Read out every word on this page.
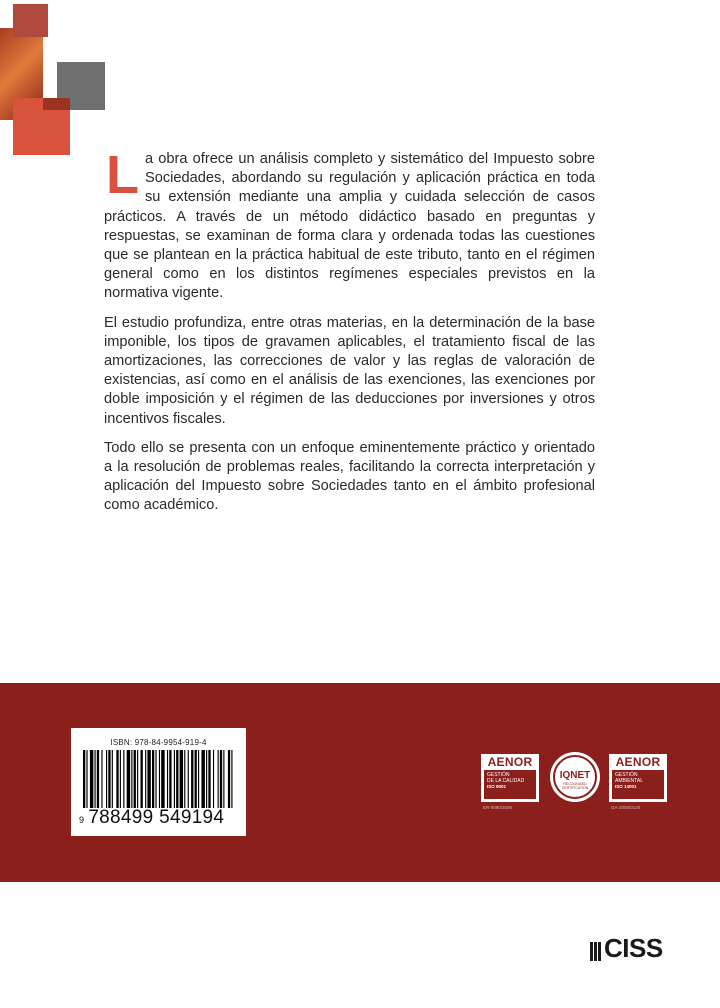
La obra ofrece un análisis completo y sistemático del Impuesto sobre Sociedades, abordando su regulación y aplicación práctica en toda su extensión mediante una amplia y cuidada selección de casos prácticos. A través de un método didáctico basado en preguntas y respuestas, se examinan de forma clara y ordenada todas las cuestiones que se plantean en la práctica habitual de este tributo, tanto en el régimen general como en los distintos regímenes especiales previstos en la normativa vigente.

El estudio profundiza, entre otras materias, en la determinación de la base imponible, los tipos de gravamen aplicables, el tratamiento fiscal de las amortizaciones, las correcciones de valor y las reglas de valoración de existencias, así como en el análisis de las exenciones, las exenciones por doble imposición y el régimen de las deducciones por inversiones y otros incentivos fiscales.

Todo ello se presenta con un enfoque eminentemente práctico y orientado a la resolución de problemas reales, facilitando la correcta interpretación y aplicación del Impuesto sobre Sociedades tanto en el ámbito profesional como académico.

ISBN: 978-84-9954-919-4
9 788499 549194
AENOR
GESTIÓN
DE LA CALIDAD
ISO 9001
ER-0090/2006
IQNET
RECOGNIZED CERTIFICATION
AENOR
GESTIÓN
AMBIENTAL
ISO 14001
GA-2005/0130
CISS
